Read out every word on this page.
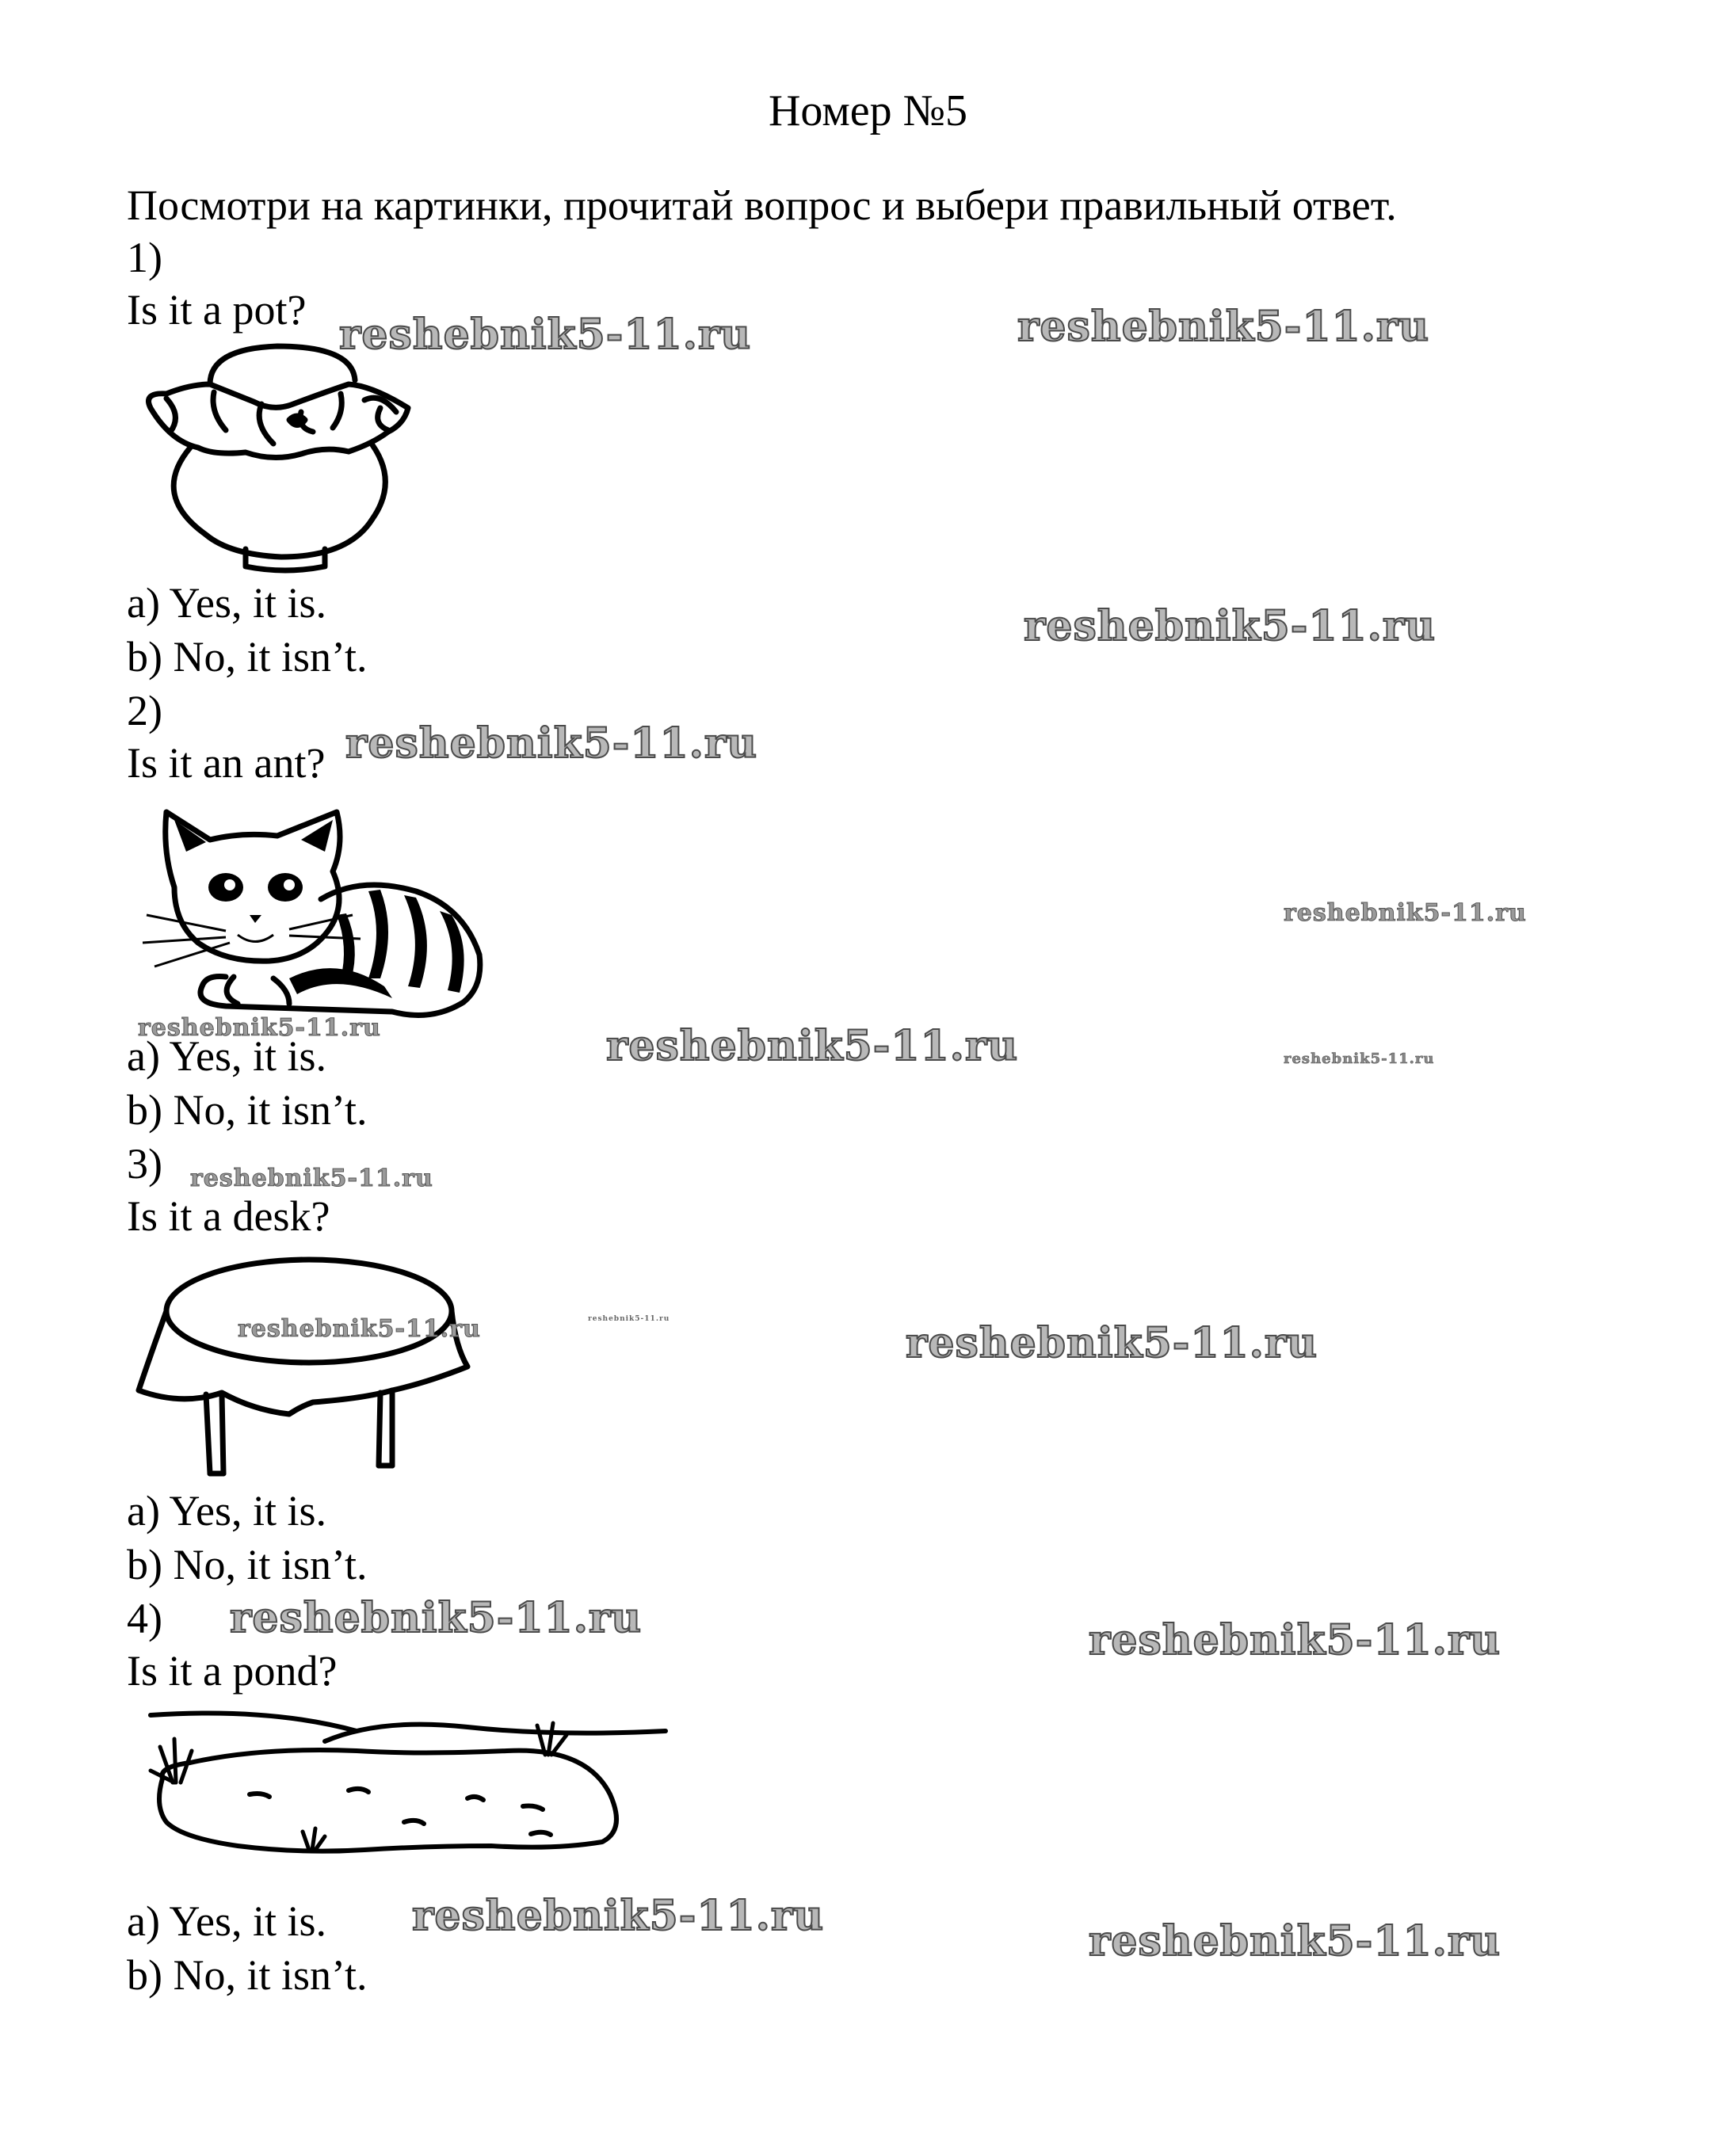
Номер №5
Посмотри на картинки, прочитай вопрос и выбери правильный ответ.
1)
Is it a pot?
a) Yes, it is.
b) No, it isn’t.
2)
Is it an ant?
a) Yes, it is.
b) No, it isn’t.
3)
Is it a desk?
a) Yes, it is.
b) No, it isn’t.
4)
Is it a pond?
a) Yes, it is.
b) No, it isn’t.
reshebnik5-11.ru	reshebnik5-11.ru
reshebnik5-11.ru
reshebnik5-11.ru
reshebnik5-11.ru
reshebnik5-11.ru	reshebnik5-11.ru	reshebnik5-11.ru
reshebnik5-11.ru
reshebnik5-11.ru	reshebnik5-11.ru	reshebnik5-11.ru
reshebnik5-11.ru	reshebnik5-11.ru
reshebnik5-11.ru
reshebnik5-11.ru
